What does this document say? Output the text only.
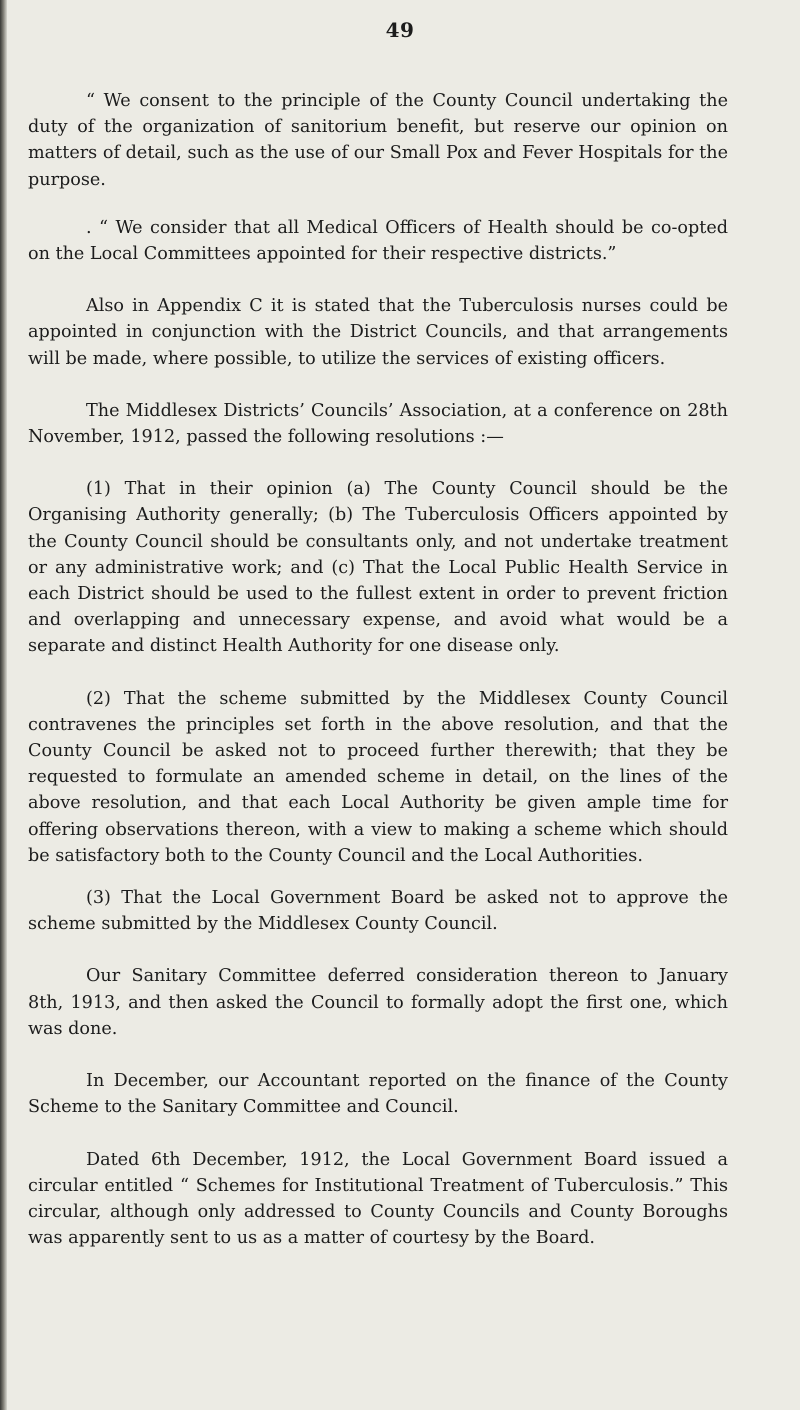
49

“ We consent to the principle of the County Council undertaking the duty of the organization of sanitorium benefit, but reserve our opinion on matters of detail, such as the use of our Small Pox and Fever Hospitals for the purpose.

. “ We consider that all Medical Officers of Health should be co-opted on the Local Committees appointed for their respective districts.”

Also in Appendix C it is stated that the Tuberculosis nurses could be appointed in conjunction with the District Councils, and that arrangements will be made, where possible, to utilize the services of existing officers.

The Middlesex Districts’ Councils’ Association, at a conference on 28th November, 1912, passed the following resolutions :—

(1) That in their opinion (a) The County Council should be the Organising Authority generally; (b) The Tuberculosis Officers appointed by the County Council should be consultants only, and not undertake treatment or any administrative work; and (c) That the Local Public Health Service in each District should be used to the fullest extent in order to prevent friction and overlapping and unnecessary expense, and avoid what would be a separate and distinct Health Authority for one disease only.

(2) That the scheme submitted by the Middlesex County Council contravenes the principles set forth in the above resolution, and that the County Council be asked not to proceed further therewith; that they be requested to formulate an amended scheme in detail, on the lines of the above resolution, and that each Local Authority be given ample time for offering observations thereon, with a view to making a scheme which should be satisfactory both to the County Council and the Local Authorities.

(3) That the Local Government Board be asked not to approve the scheme submitted by the Middlesex County Council.

Our Sanitary Committee deferred consideration thereon to January 8th, 1913, and then asked the Council to formally adopt the first one, which was done.

In December, our Accountant reported on the finance of the County Scheme to the Sanitary Committee and Council.

Dated 6th December, 1912, the Local Government Board issued a circular entitled “ Schemes for Institutional Treatment of Tuberculosis.” This circular, although only addressed to County Councils and County Boroughs was apparently sent to us as a matter of courtesy by the Board.
